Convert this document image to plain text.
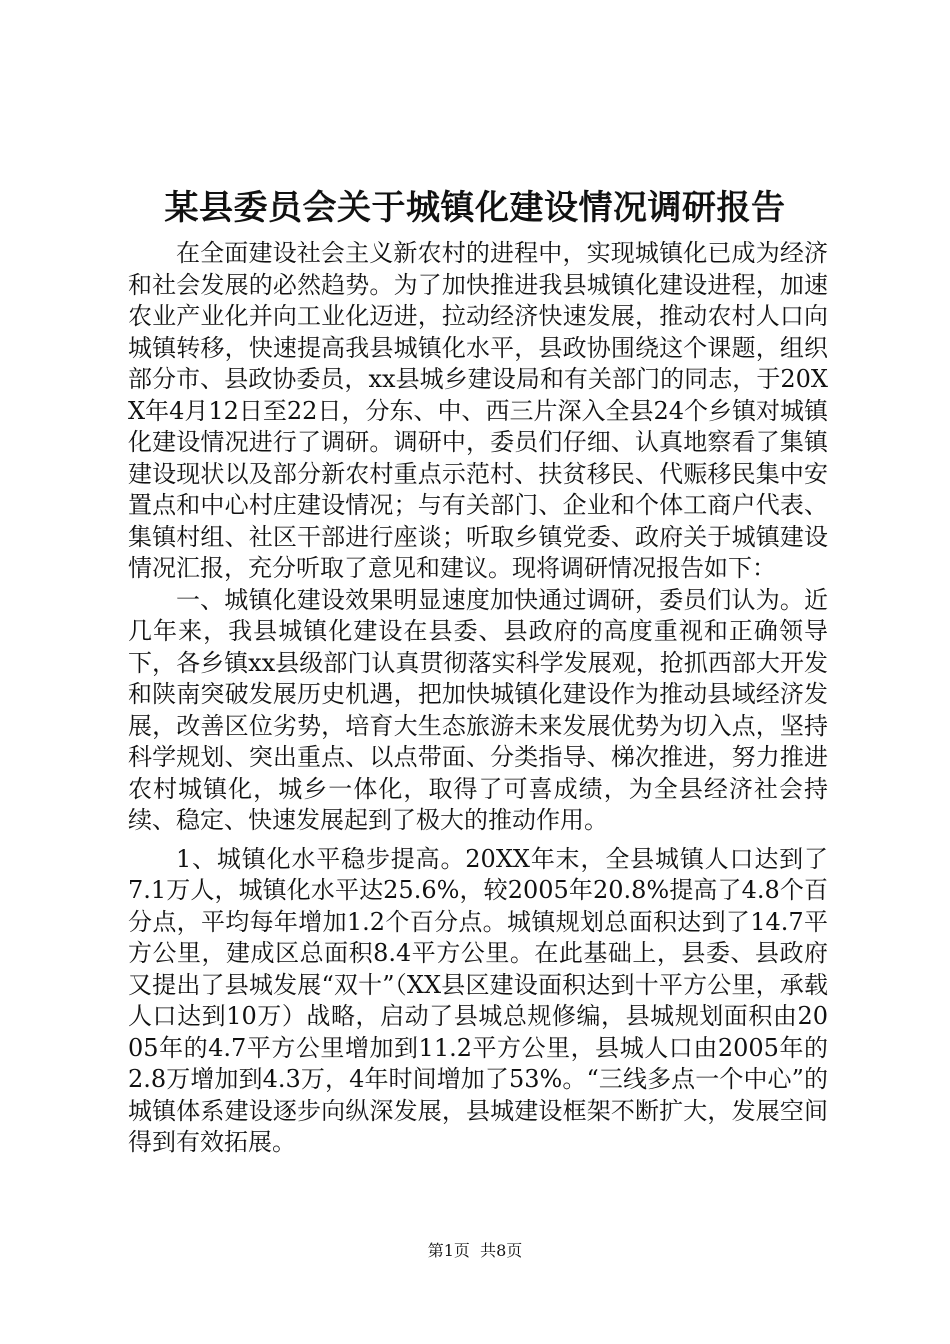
某县委员会关于城镇化建设情况调研报告

在全面建设社会主义新农村的进程中，实现城镇化已成为经济和社会发展的必然趋势。为了加快推进我县城镇化建设进程，加速农业产业化并向工业化迈进，拉动经济快速发展，推动农村人口向城镇转移，快速提高我县城镇化水平，县政协围绕这个课题，组织部分市、县政协委员，xx县城乡建设局和有关部门的同志，于20XX年4月12日至22日，分东、中、西三片深入全县24个乡镇对城镇化建设情况进行了调研。调研中，委员们仔细、认真地察看了集镇建设现状以及部分新农村重点示范村、扶贫移民、代赈移民集中安置点和中心村庄建设情况；与有关部门、企业和个体工商户代表、集镇村组、社区干部进行座谈；听取乡镇党委、政府关于城镇建设情况汇报，充分听取了意见和建议。现将调研情况报告如下：

一、城镇化建设效果明显速度加快通过调研，委员们认为。近几年来，我县城镇化建设在县委、县政府的高度重视和正确领导下，各乡镇xx县级部门认真贯彻落实科学发展观，抢抓西部大开发和陕南突破发展历史机遇，把加快城镇化建设作为推动县域经济发展，改善区位劣势，培育大生态旅游未来发展优势为切入点，坚持科学规划、突出重点、以点带面、分类指导、梯次推进，努力推进农村城镇化，城乡一体化，取得了可喜成绩，为全县经济社会持续、稳定、快速发展起到了极大的推动作用。

1、城镇化水平稳步提高。20XX年末，全县城镇人口达到了7.1万人，城镇化水平达25.6%，较2005年20.8%提高了4.8个百分点，平均每年增加1.2个百分点。城镇规划总面积达到了14.7平方公里，建成区总面积8.4平方公里。在此基础上，县委、县政府又提出了县城发展“双十”（XX县区建设面积达到十平方公里，承载人口达到10万）战略，启动了县城总规修编，县城规划面积由2005年的4.7平方公里增加到11.2平方公里，县城人口由2005年的2.8万增加到4.3万，4年时间增加了53%。“三线多点一个中心”的城镇体系建设逐步向纵深发展，县城建设框架不断扩大，发展空间得到有效拓展。

第1页  共8页
